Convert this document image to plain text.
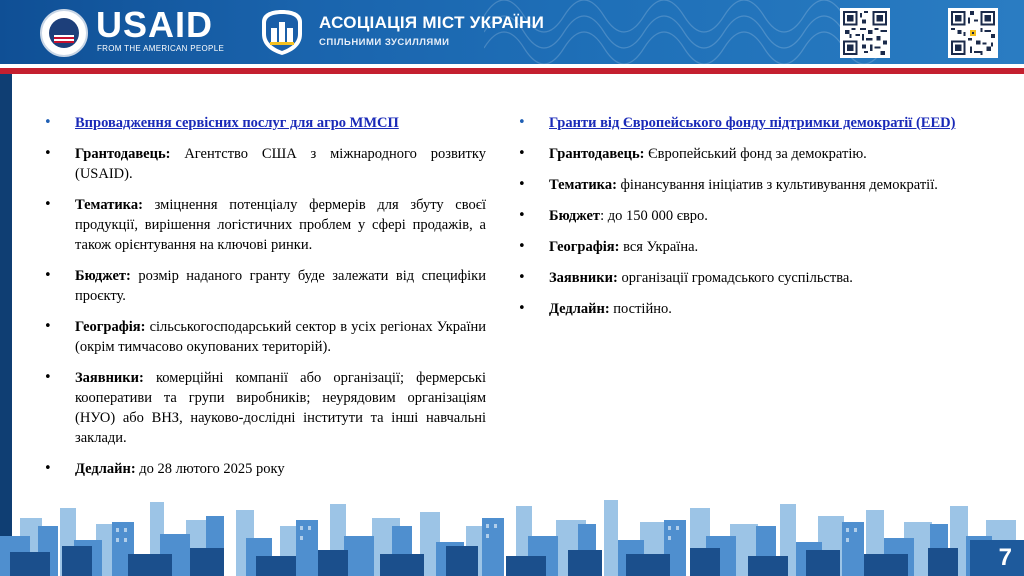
USAID
FROM THE AMERICAN PEOPLE
АСОЦІАЦІЯ МІСТ УКРАЇНИ
СПІЛЬНИМИ ЗУСИЛЛЯМИ
• Впровадження сервісних послуг для агро ММСП
• Грантодавець: Агентство США з міжнародного розвитку (USAID).
• Тематика: зміцнення потенціалу фермерів для збуту своєї продукції, вирішення логістичних проблем у сфері продажів, а також орієнтування на ключові ринки.
• Бюджет: розмір наданого гранту буде залежати від специфіки проєкту.
• Географія: сільськогосподарський сектор в усіх регіонах України (окрім тимчасово окупованих територій).
• Заявники: комерційні компанії або організації; фермерські кооперативи та групи виробників; неурядовим організаціям (НУО) або ВНЗ, науково-дослідні інститути та інші навчальні заклади.
• Дедлайн: до 28 лютого 2025 року
• Гранти від Європейського фонду підтримки демократії (EED)
• Грантодавець: Європейський фонд за демократію.
• Тематика: фінансування ініціатив з культивування демократії.
• Бюджет: до 150 000 євро.
• Географія: вся Україна.
• Заявники: організації громадського суспільства.
• Дедлайн: постійно.
7
